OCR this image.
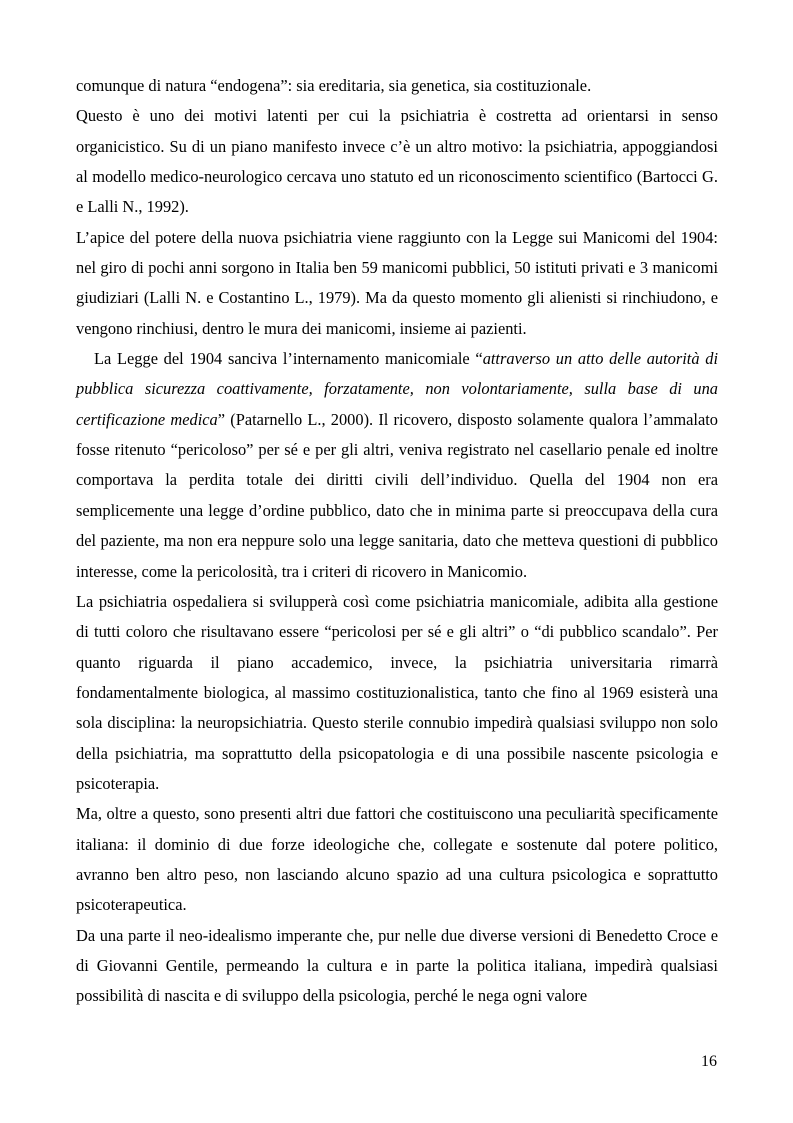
comunque di natura “endogena”: sia ereditaria, sia genetica, sia costituzionale.

Questo è uno dei motivi latenti per cui la psichiatria è costretta ad orientarsi in senso organicistico. Su di un piano manifesto invece c’è un altro motivo: la psichiatria, appoggiandosi al modello medico-neurologico cercava uno statuto ed un riconoscimento scientifico (Bartocci G. e Lalli N., 1992).

L’apice del potere della nuova psichiatria viene raggiunto con la Legge sui Manicomi del 1904: nel giro di pochi anni sorgono in Italia ben 59 manicomi pubblici, 50 istituti privati e 3 manicomi giudiziari (Lalli N. e Costantino L., 1979). Ma da questo momento gli alienisti si rinchiudono, e vengono rinchiusi, dentro le mura dei manicomi, insieme ai pazienti.

La Legge del 1904 sanciva l’internamento manicomiale “attraverso un atto delle autorità di pubblica sicurezza coattivamente, forzatamente, non volontariamente, sulla base di una certificazione medica” (Patarnello L., 2000). Il ricovero, disposto solamente qualora l’ammalato fosse ritenuto “pericoloso” per sé e per gli altri, veniva registrato nel casellario penale ed inoltre comportava la perdita totale dei diritti civili dell’individuo. Quella del 1904 non era semplicemente una legge d’ordine pubblico, dato che in minima parte si preoccupava della cura del paziente, ma non era neppure solo una legge sanitaria, dato che metteva questioni di pubblico interesse, come la pericolosità, tra i criteri di ricovero in Manicomio.

La psichiatria ospedaliera si svilupperà così come psichiatria manicomiale, adibita alla gestione di tutti coloro che risultavano essere “pericolosi per sé e gli altri” o “di pubblico scandalo”. Per quanto riguarda il piano accademico, invece, la psichiatria universitaria rimarrà fondamentalmente biologica, al massimo costituzionalistica, tanto che fino al 1969 esisterà una sola disciplina: la neuropsichiatria. Questo sterile connubio impedirà qualsiasi sviluppo non solo della psichiatria, ma soprattutto della psicopatologia e di una possibile nascente psicologia e psicoterapia.

Ma, oltre a questo, sono presenti altri due fattori che costituiscono una peculiarità specificamente italiana: il dominio di due forze ideologiche che, collegate e sostenute dal potere politico, avranno ben altro peso, non lasciando alcuno spazio ad una cultura psicologica e soprattutto psicoterapeutica.

Da una parte il neo-idealismo imperante che, pur nelle due diverse versioni di Benedetto Croce e di Giovanni Gentile, permeando la cultura e in parte la politica italiana, impedirà qualsiasi possibilità di nascita e di sviluppo della psicologia, perché le nega ogni valore

16
